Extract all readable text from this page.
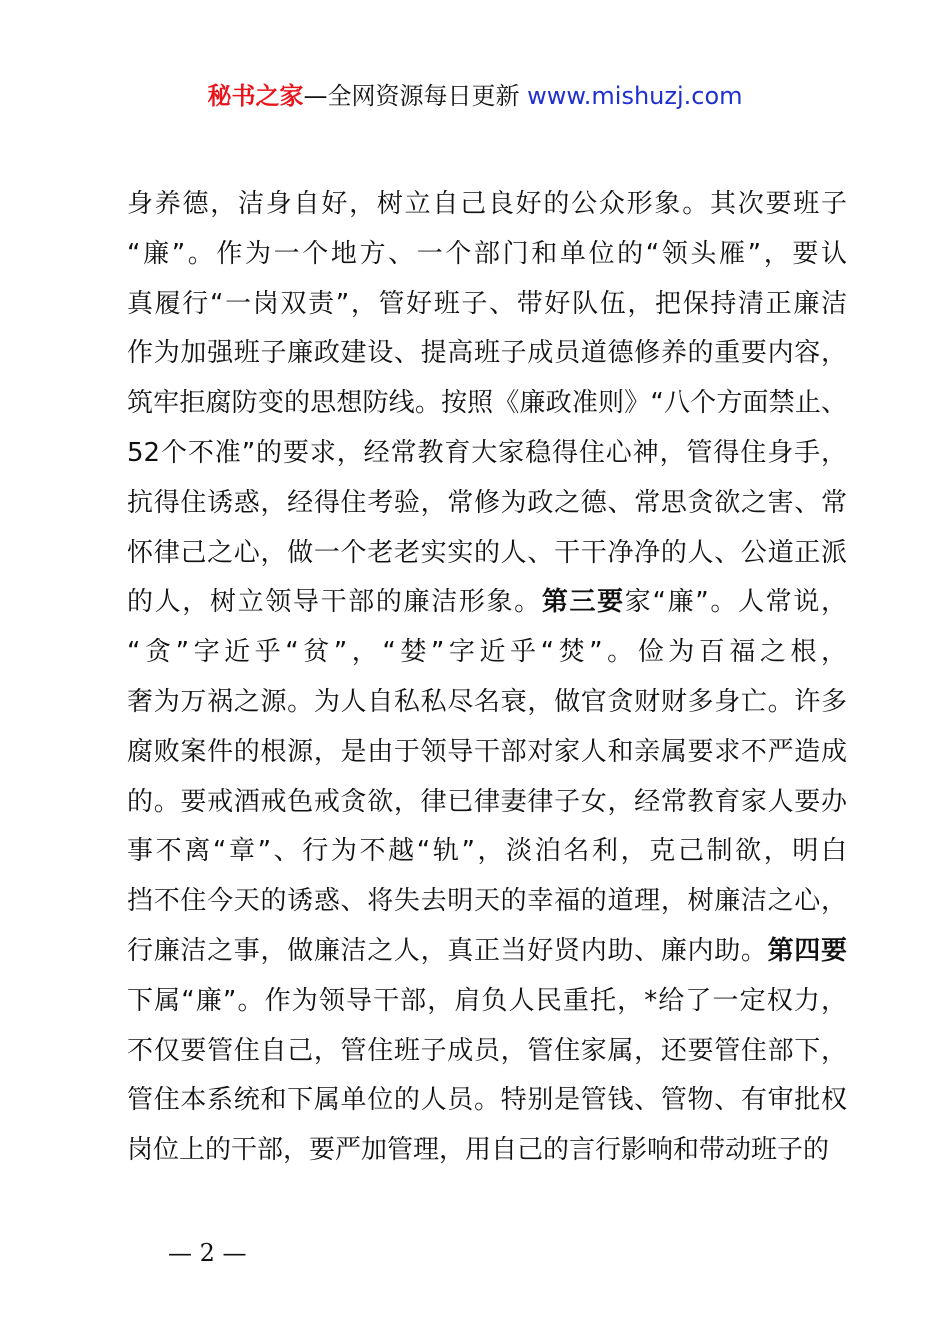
秘书之家—全网资源每日更新 www.mishuzj.com
身养德，洁身自好，树立自己良好的公众形象。其次要班子
“廉”。作为一个地方、一个部门和单位的“领头雁”，要认
真履行“一岗双责”，管好班子、带好队伍，把保持清正廉洁
作为加强班子廉政建设、提高班子成员道德修养的重要内容，
筑牢拒腐防变的思想防线。按照《廉政准则》“八个方面禁止、
52个不准”的要求，经常教育大家稳得住心神，管得住身手，
抗得住诱惑，经得住考验，常修为政之德、常思贪欲之害、常
怀律己之心，做一个老老实实的人、干干净净的人、公道正派
的人，树立领导干部的廉洁形象。第三要家“廉”。人常说，
“贪”字近乎“贫”，“婪”字近乎“焚”。俭为百福之根，
奢为万祸之源。为人自私私尽名衰，做官贪财财多身亡。许多
腐败案件的根源，是由于领导干部对家人和亲属要求不严造成
的。要戒酒戒色戒贪欲，律已律妻律子女，经常教育家人要办
事不离“章”、行为不越“轨”，淡泊名利，克己制欲，明白
挡不住今天的诱惑、将失去明天的幸福的道理，树廉洁之心，
行廉洁之事，做廉洁之人，真正当好贤内助、廉内助。第四要
下属“廉”。作为领导干部，肩负人民重托，*给了一定权力，
不仅要管住自己，管住班子成员，管住家属，还要管住部下，
管住本系统和下属单位的人员。特别是管钱、管物、有审批权
岗位上的干部，要严加管理，用自己的言行影响和带动班子的
— 2 —
